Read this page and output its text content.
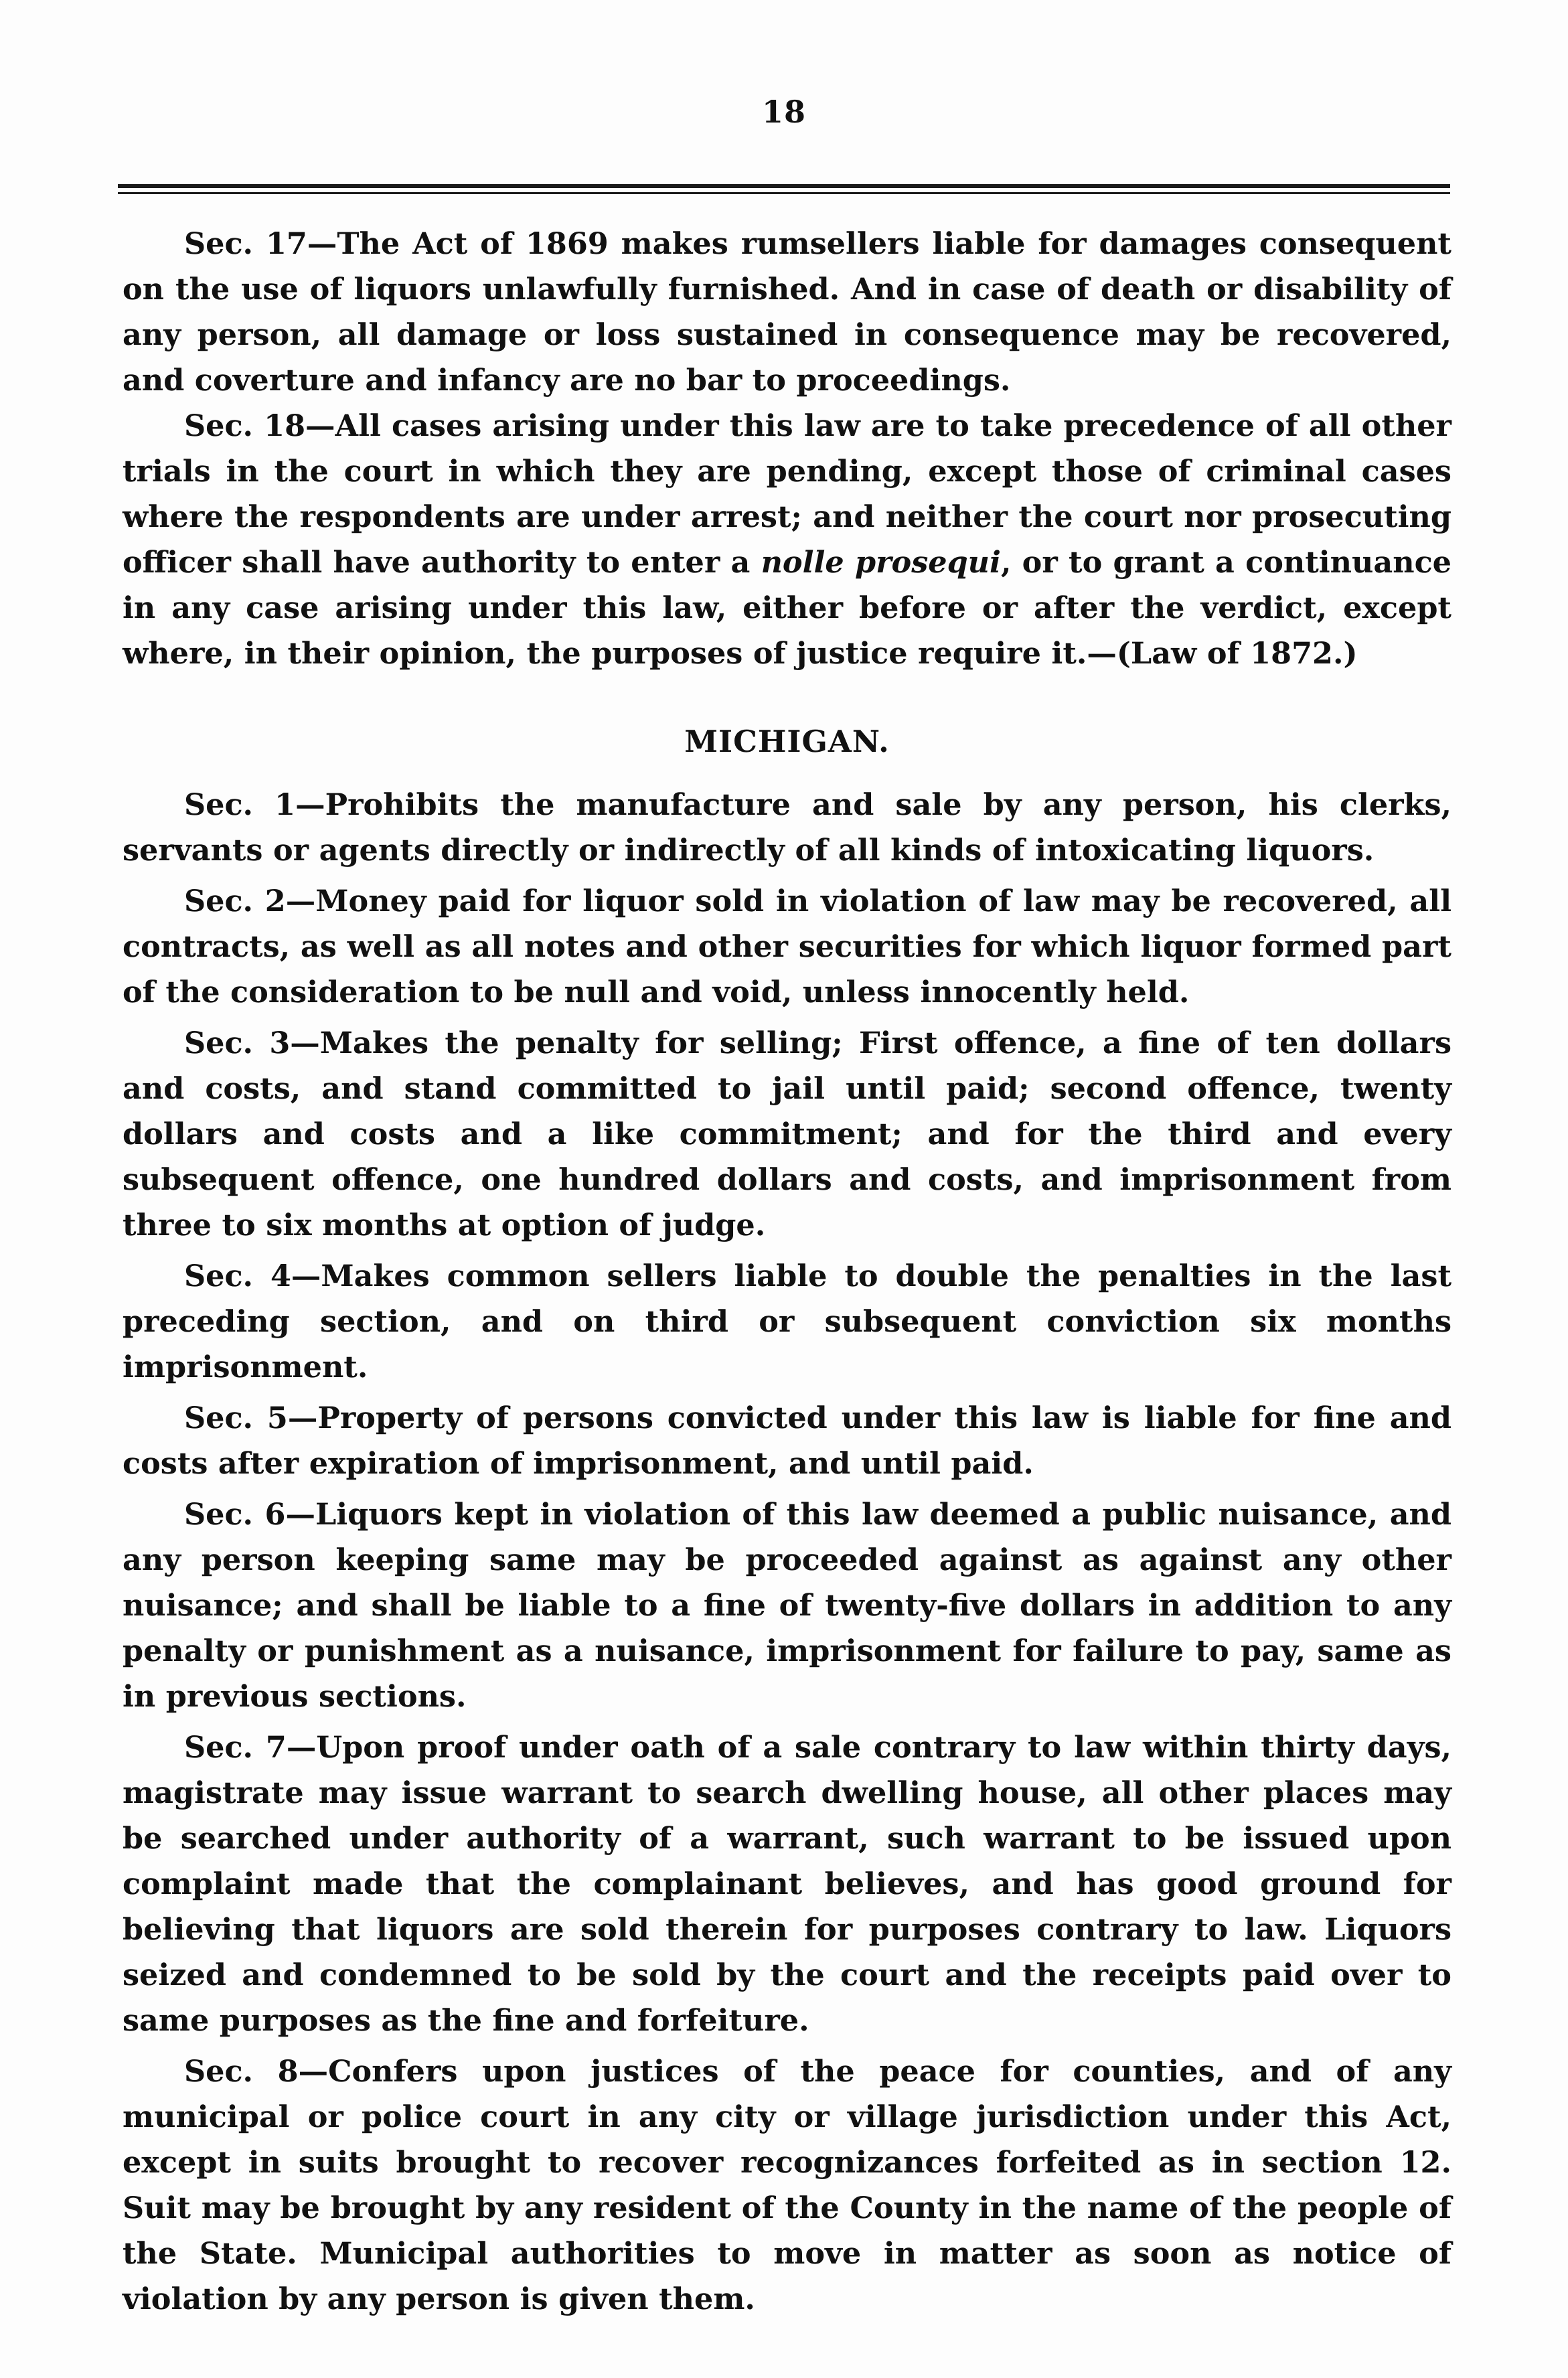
18

Sec. 17—The Act of 1869 makes rumsellers liable for damages consequent on the use of liquors unlawfully furnished. And in case of death or disability of any person, all damage or loss sustained in consequence may be recovered, and coverture and infancy are no bar to proceedings.

Sec. 18—All cases arising under this law are to take precedence of all other trials in the court in which they are pending, except those of criminal cases where the respondents are under arrest; and neither the court nor prosecuting officer shall have authority to enter a nolle prosequi, or to grant a continuance in any case arising under this law, either before or after the verdict, except where, in their opinion, the purposes of justice require it.—(Law of 1872.)

MICHIGAN.

Sec. 1—Prohibits the manufacture and sale by any person, his clerks, servants or agents directly or indirectly of all kinds of intoxicating liquors.

Sec. 2—Money paid for liquor sold in violation of law may be recovered, all contracts, as well as all notes and other securities for which liquor formed part of the consideration to be null and void, unless innocently held.

Sec. 3—Makes the penalty for selling; First offence, a fine of ten dollars and costs, and stand committed to jail until paid; second offence, twenty dollars and costs and a like commitment; and for the third and every subsequent offence, one hundred dollars and costs, and imprisonment from three to six months at option of judge.

Sec. 4—Makes common sellers liable to double the penalties in the last preceding section, and on third or subsequent conviction six months imprisonment.

Sec. 5—Property of persons convicted under this law is liable for fine and costs after expiration of imprisonment, and until paid.

Sec. 6—Liquors kept in violation of this law deemed a public nuisance, and any person keeping same may be proceeded against as against any other nuisance; and shall be liable to a fine of twenty-five dollars in addition to any penalty or punishment as a nuisance, imprisonment for failure to pay, same as in previous sections.

Sec. 7—Upon proof under oath of a sale contrary to law within thirty days, magistrate may issue warrant to search dwelling house, all other places may be searched under authority of a warrant, such warrant to be issued upon complaint made that the complainant believes, and has good ground for believing that liquors are sold therein for purposes contrary to law. Liquors seized and condemned to be sold by the court and the receipts paid over to same purposes as the fine and forfeiture.

Sec. 8—Confers upon justices of the peace for counties, and of any municipal or police court in any city or village jurisdiction under this Act, except in suits brought to recover recognizances forfeited as in section 12. Suit may be brought by any resident of the County in the name of the people of the State. Municipal authorities to move in matter as soon as notice of violation by any person is given them.
